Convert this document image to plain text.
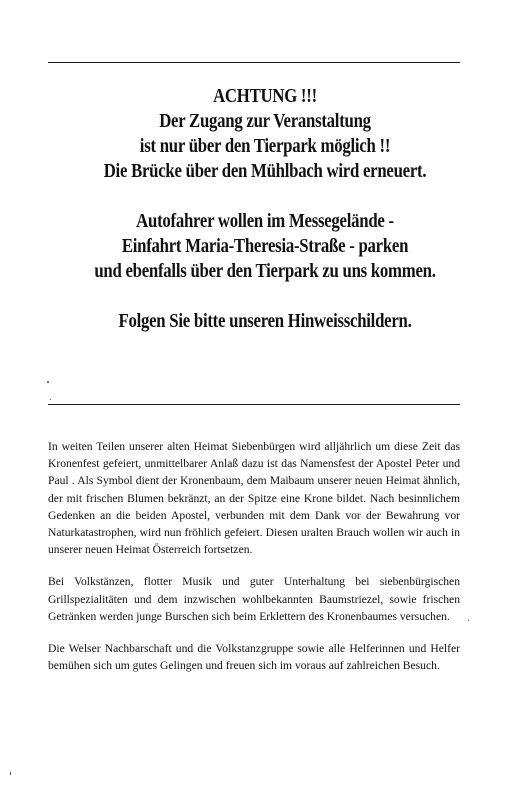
ACHTUNG !!!
Der Zugang zur Veranstaltung
ist nur über den Tierpark möglich !!
Die Brücke über den Mühlbach wird erneuert.
Autofahrer wollen im Messegelände -
Einfahrt Maria-Theresia-Straße - parken
und ebenfalls über den Tierpark zu uns kommen.
Folgen Sie bitte unseren Hinweisschildern.

In weiten Teilen unserer alten Heimat Siebenbürgen wird alljährlich um diese Zeit das Kronenfest gefeiert, unmittelbarer Anlaß dazu ist das Namensfest der Apostel Peter und Paul . Als Symbol dient der Kronenbaum, dem Maibaum unserer neuen Heimat ähnlich, der mit frischen Blumen bekränzt, an der Spitze eine Krone bildet. Nach besinnlichem Gedenken an die beiden Apostel, verbunden mit dem Dank vor der Bewahrung vor Naturkatastrophen, wird nun fröhlich gefeiert. Diesen uralten Brauch wollen wir auch in unserer neuen Heimat Österreich fortsetzen.

Bei Volkstänzen, flotter Musik und guter Unterhaltung bei siebenbürgischen Grillspezialitäten und dem inzwischen wohlbekannten Baumstriezel, sowie frischen Getränken werden junge Burschen sich beim Erklettern des Kronenbaumes versuchen.

Die Welser Nachbarschaft und die Volkstanzgruppe sowie alle Helferinnen und Helfer bemühen sich um gutes Gelingen und freuen sich im voraus auf zahlreichen Besuch.
